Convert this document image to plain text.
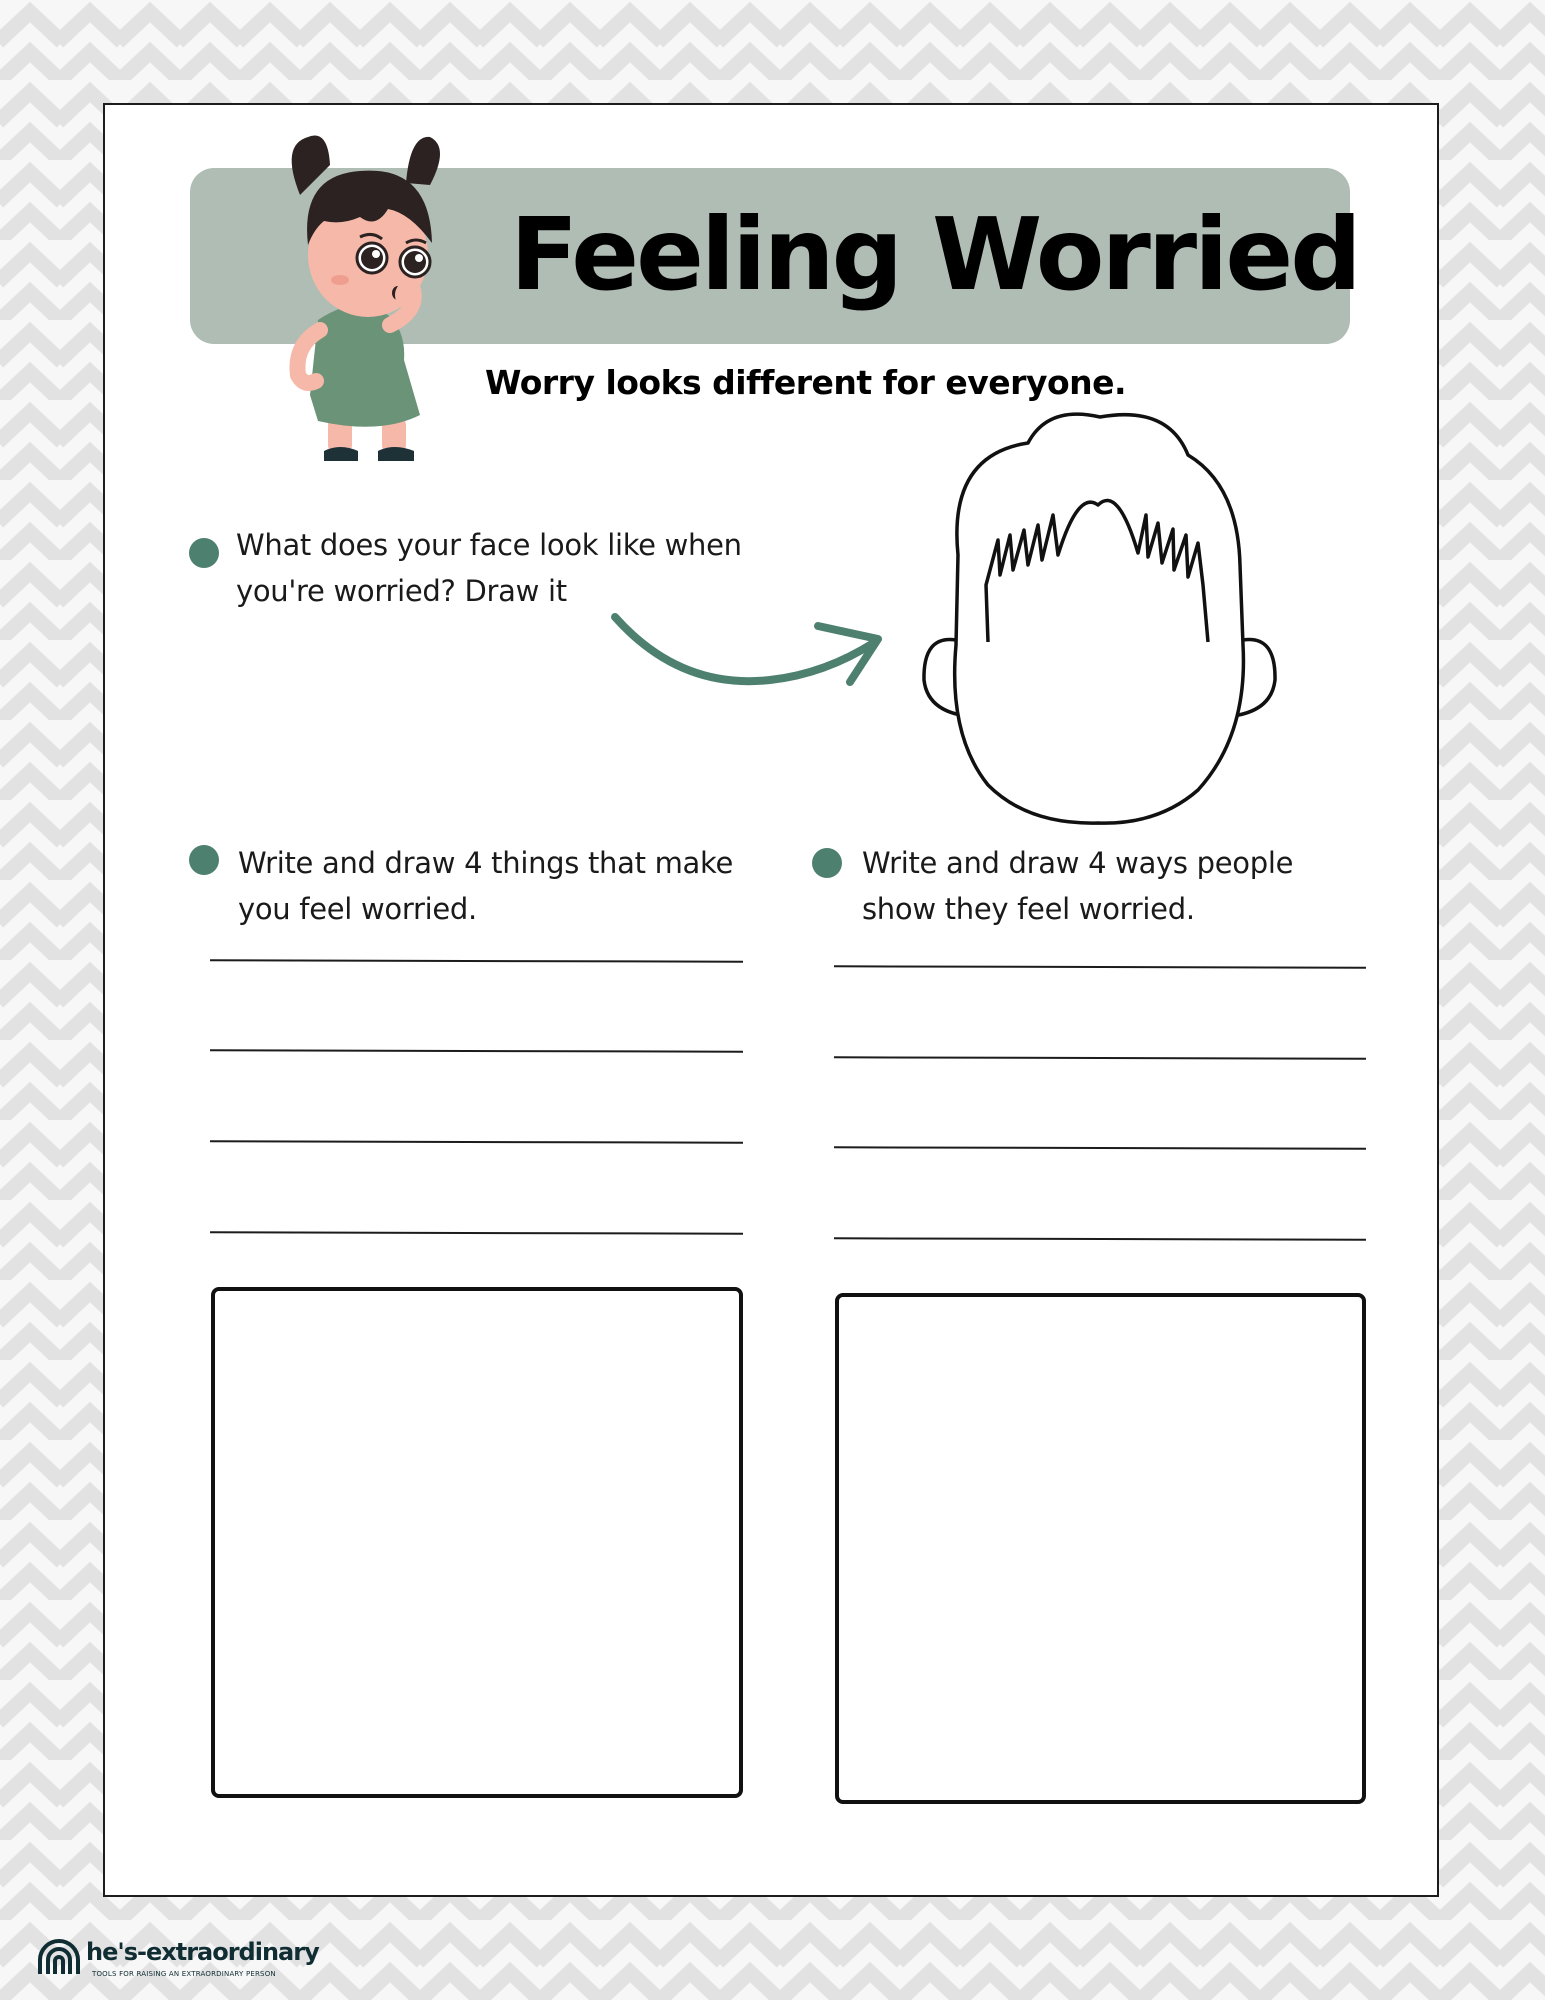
Feeling Worried
Worry looks different for everyone.
What does your face look like when
you're worried? Draw it
Write and draw 4 things that make
you feel worried.
Write and draw 4 ways people
show they feel worried.
he's-extraordinary
TOOLS FOR RAISING AN EXTRAORDINARY PERSON
